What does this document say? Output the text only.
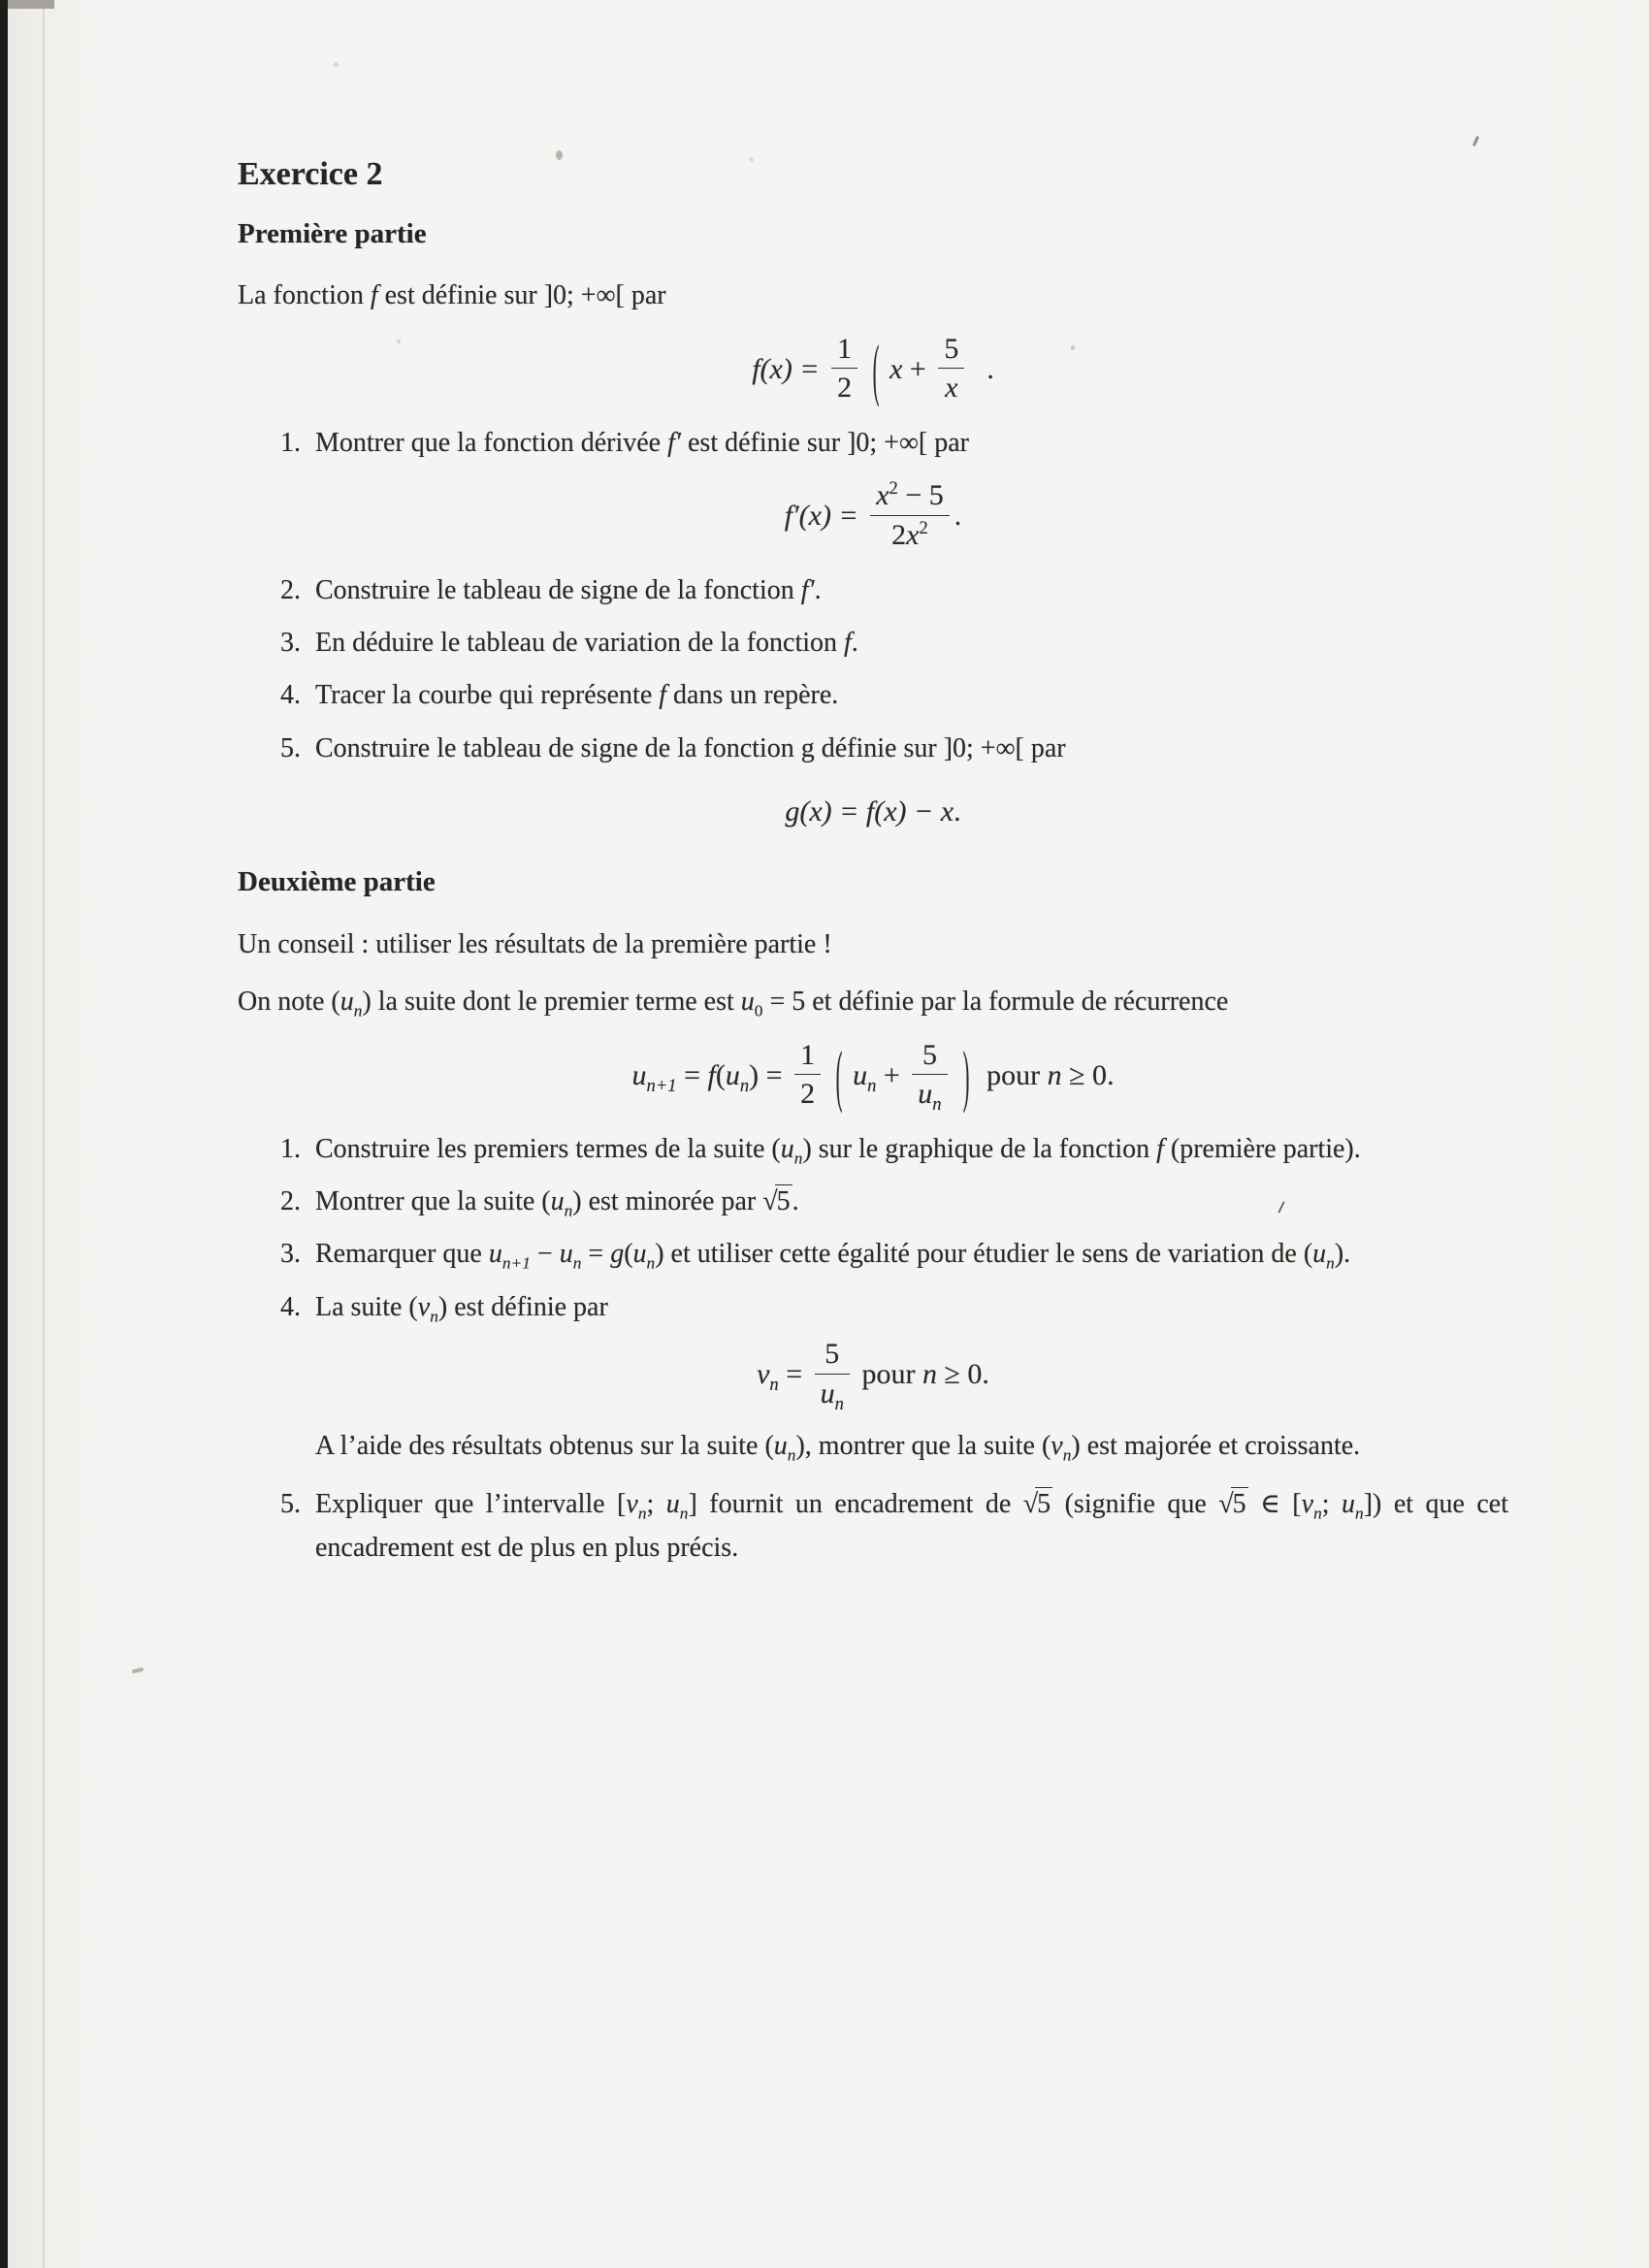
Exercice 2
Première partie

La fonction f est définie sur ]0; +∞[ par

$f(x) = \frac{1}{2}$ ( $x + \frac{5}{x}$ .
1. Montrer que la fonction dérivée f′ est définie sur ]0; +∞[ par
$f'(x) = \frac{x^2 - 5}{2x^2}$ .
2. Construire le tableau de signe de la fonction f′.
3. En déduire le tableau de variation de la fonction f.
4. Tracer la courbe qui représente f dans un repère.
5. Construire le tableau de signe de la fonction g définie sur ]0; +∞[ par
g(x) = f(x) − x.
Deuxième partie

Un conseil : utiliser les résultats de la première partie !

On note $(u_n)$ la suite dont le premier terme est $u_0 = 5$ et définie par la formule de récurrence

$u_{n+1} = f(u_n) = \frac{1}{2}$ ( $u_n + \frac{5}{u_n}$ ) pour n ≥ 0.
1. Construire les premiers termes de la suite $(u_n)$ sur le graphique de la fonction f (première partie).
2. Montrer que la suite $(u_n)$ est minorée par √5.
3. Remarquer que $u_{n+1} - u_n = g(u_n)$ et utiliser cette égalité pour étudier le sens de variation de $(u_n)$.
4. La suite $(v_n)$ est définie par
$v_n = \frac{5}{u_n}$ pour n ≥ 0.

A l’aide des résultats obtenus sur la suite $(u_n)$, montrer que la suite $(v_n)$ est majorée et croissante.

5. Expliquer que l’intervalle [$v_n$; $u_n$] fournit un encadrement de √5 (signifie que √5 ∈ [$v_n$; $u_n$]) et que cet encadrement est de plus en plus précis.
